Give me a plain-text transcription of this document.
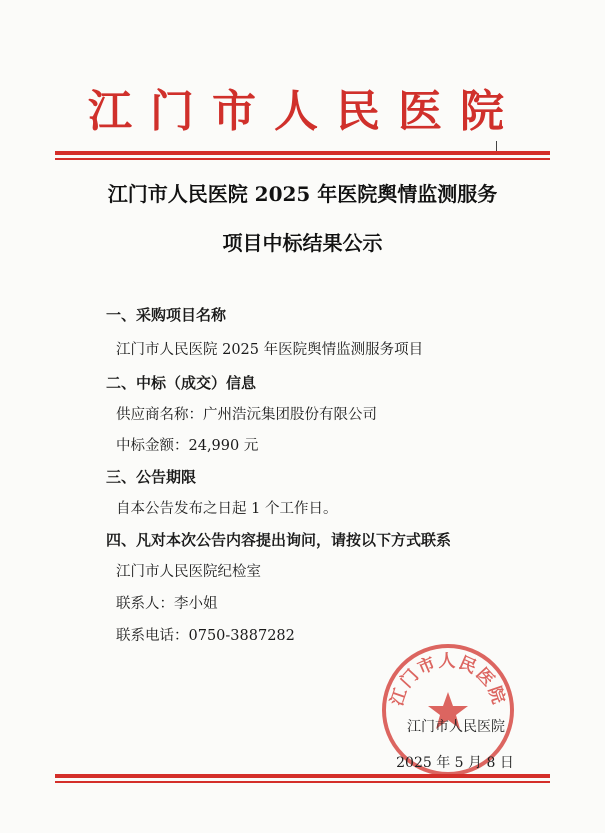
江门市人民医院
江门市人民医院 2025 年医院舆情监测服务
项目中标结果公示
一、采购项目名称
江门市人民医院 2025 年医院舆情监测服务项目
二、中标（成交）信息
供应商名称：广州浩沅集团股份有限公司
中标金额：24,990 元
三、公告期限
自本公告发布之日起 1 个工作日。
四、凡对本次公告内容提出询问，请按以下方式联系
江门市人民医院纪检室
联系人：李小姐
联系电话：0750-3887282
江门市人民医院
江门市人民医院
2025 年 5 月 8 日
